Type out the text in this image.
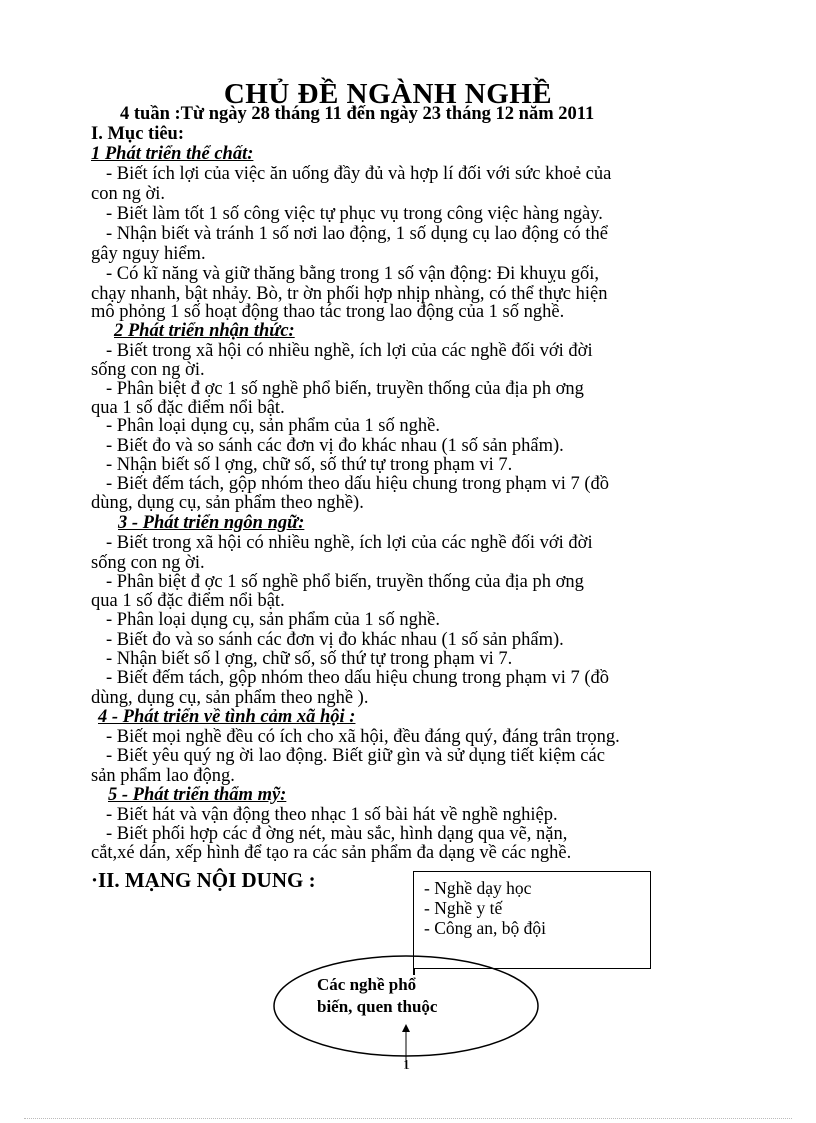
CHỦ ĐỀ NGÀNH NGHỀ
4 tuần :Từ ngày 28 tháng 11 đến ngày 23 tháng 12 năm 2011
I. Mục tiêu:
1 Phát triển thể chất:
- Biết ích lợi của việc ăn uống đầy đủ và hợp lí đối với sức khoẻ của
con ng ời.
- Biết làm tốt 1 số công việc tự phục vụ trong công việc hàng ngày.
- Nhận biết và tránh 1 số nơi lao động, 1 số dụng cụ lao động có thể
gây nguy hiểm.
- Có kĩ năng và giữ thăng bằng trong 1 số vận động: Đi khuỵu gối,
chạy nhanh, bật nhảy. Bò, tr ờn phối hợp nhịp nhàng, có thể thực hiện
mô phỏng 1 số hoạt động thao tác trong lao động của 1 số nghề.
2 Phát triển nhận thức:
- Biết trong xã hội có nhiều nghề, ích lợi của các nghề đối với đời
sống con ng ời.
- Phân biệt đ ợc 1 số nghề phổ biến, truyền thống của địa ph ơng
qua 1 số đặc điểm nổi bật.
- Phân loại dụng cụ, sản phẩm của 1 số nghề.
- Biết đo và so sánh các đơn vị đo khác nhau (1 số sản phẩm).
- Nhận biết số l ợng, chữ số, số thứ tự trong phạm vi 7.
- Biết đếm tách, gộp nhóm theo dấu hiệu chung trong phạm vi 7 (đồ
dùng, dụng cụ, sản phẩm theo nghề).
3 - Phát triển ngôn ngữ:
- Biết trong xã hội có nhiều nghề, ích lợi của các nghề đối với đời
sống con ng ời.
- Phân biệt đ ợc 1 số nghề phổ biến, truyền thống của địa ph ơng
qua 1 số đặc điểm nổi bật.
- Phân loại dụng cụ, sản phẩm của 1 số nghề.
- Biết đo và so sánh các đơn vị đo khác nhau (1 số sản phẩm).
- Nhận biết số l ợng, chữ số, số thứ tự trong phạm vi 7.
- Biết đếm tách, gộp nhóm theo dấu hiệu chung trong phạm vi 7 (đồ
dùng, dụng cụ, sản phẩm theo nghề ).
4 - Phát triển về tình cảm xã hội :
- Biết mọi nghề đều có ích cho xã hội, đều đáng quý, đáng trân trọng.
- Biết yêu quý ng ời lao động. Biết giữ gìn và sử dụng tiết kiệm các
sản phẩm lao động.
5 - Phát triển thẩm mỹ:
- Biết hát và vận động theo nhạc 1 số bài hát về nghề nghiệp.
- Biết phối hợp các đ ờng nét, màu sắc, hình dạng qua vẽ, nặn,
cắt,xé dán, xếp hình để tạo ra các sản phẩm đa dạng về các nghề.
·II. MẠNG NỘI DUNG :	- Nghề dạy học
- Nghề y tế
- Công an, bộ đội
Các nghề phổ
biến, quen thuộc
1
